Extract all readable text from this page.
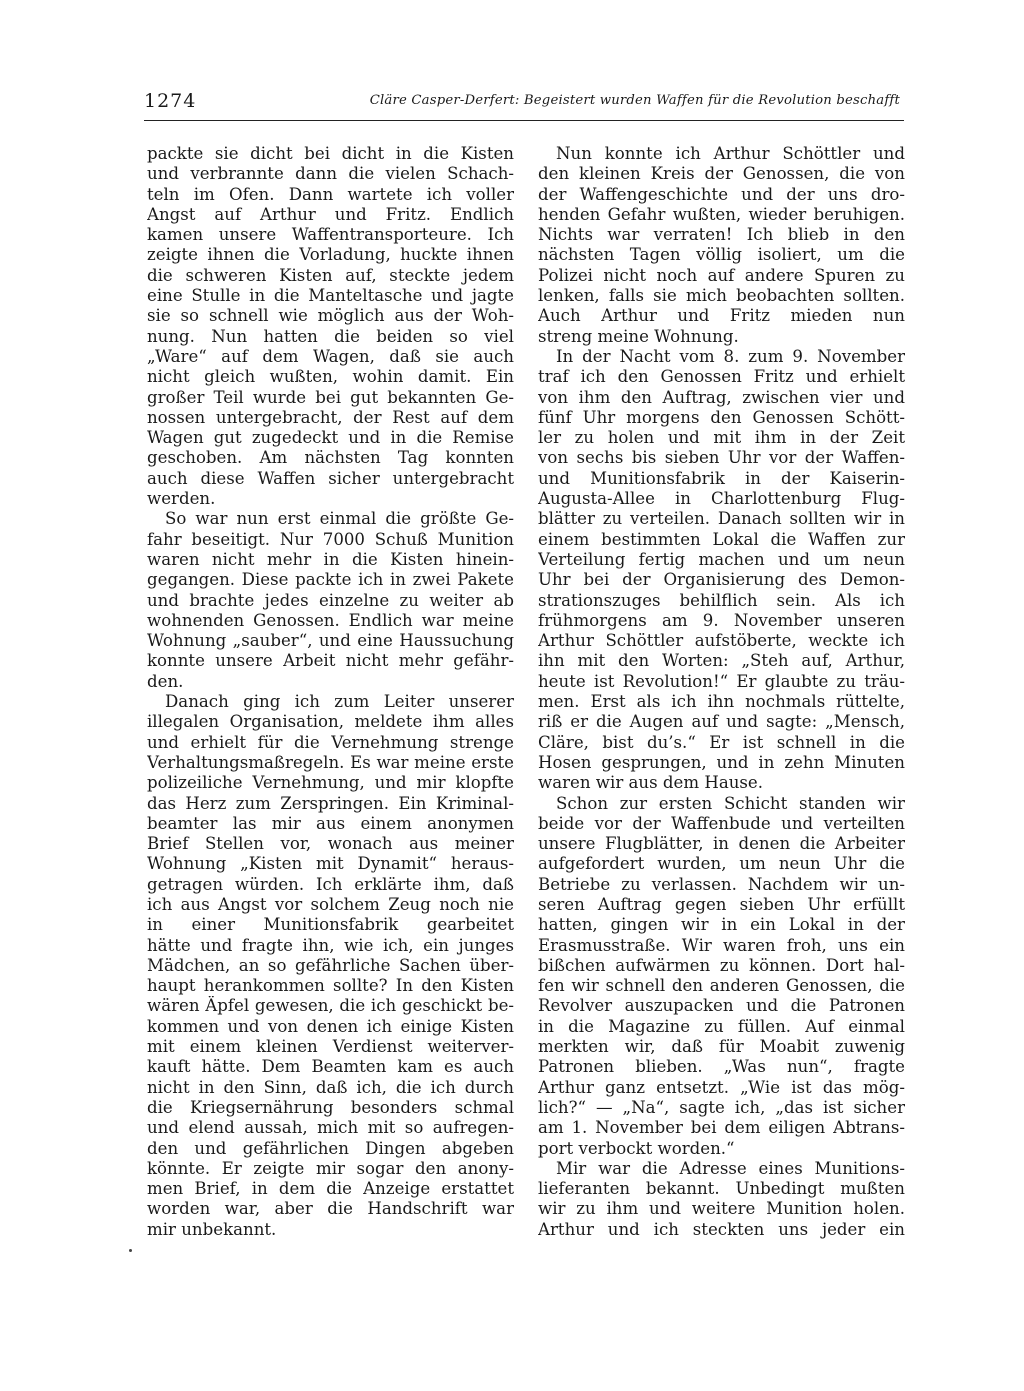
1274	Cläre Casper-Derfert: Begeistert wurden Waffen für die Revolution beschafft
packte sie dicht bei dicht in die Kisten
und verbrannte dann die vielen Schach-
teln im Ofen. Dann wartete ich voller
Angst auf Arthur und Fritz. Endlich
kamen unsere Waffentransporteure. Ich
zeigte ihnen die Vorladung, huckte ihnen
die schweren Kisten auf, steckte jedem
eine Stulle in die Manteltasche und jagte
sie so schnell wie möglich aus der Woh-
nung. Nun hatten die beiden so viel
„Ware“ auf dem Wagen, daß sie auch
nicht gleich wußten, wohin damit. Ein
großer Teil wurde bei gut bekannten Ge-
nossen untergebracht, der Rest auf dem
Wagen gut zugedeckt und in die Remise
geschoben. Am nächsten Tag konnten
auch diese Waffen sicher untergebracht
werden.
So war nun erst einmal die größte Ge-
fahr beseitigt. Nur 7000 Schuß Munition
waren nicht mehr in die Kisten hinein-
gegangen. Diese packte ich in zwei Pakete
und brachte jedes einzelne zu weiter ab
wohnenden Genossen. Endlich war meine
Wohnung „sauber“, und eine Haussuchung
konnte unsere Arbeit nicht mehr gefähr-
den.
Danach ging ich zum Leiter unserer
illegalen Organisation, meldete ihm alles
und erhielt für die Vernehmung strenge
Verhaltungsmaßregeln. Es war meine erste
polizeiliche Vernehmung, und mir klopfte
das Herz zum Zerspringen. Ein Kriminal-
beamter las mir aus einem anonymen
Brief Stellen vor, wonach aus meiner
Wohnung „Kisten mit Dynamit“ heraus-
getragen würden. Ich erklärte ihm, daß
ich aus Angst vor solchem Zeug noch nie
in einer Munitionsfabrik gearbeitet
hätte und fragte ihn, wie ich, ein junges
Mädchen, an so gefährliche Sachen über-
haupt herankommen sollte? In den Kisten
wären Äpfel gewesen, die ich geschickt be-
kommen und von denen ich einige Kisten
mit einem kleinen Verdienst weiterver-
kauft hätte. Dem Beamten kam es auch
nicht in den Sinn, daß ich, die ich durch
die Kriegsernährung besonders schmal
und elend aussah, mich mit so aufregen-
den und gefährlichen Dingen abgeben
könnte. Er zeigte mir sogar den anony-
men Brief, in dem die Anzeige erstattet
worden war, aber die Handschrift war
mir unbekannt.
Nun konnte ich Arthur Schöttler und
den kleinen Kreis der Genossen, die von
der Waffengeschichte und der uns dro-
henden Gefahr wußten, wieder beruhigen.
Nichts war verraten! Ich blieb in den
nächsten Tagen völlig isoliert, um die
Polizei nicht noch auf andere Spuren zu
lenken, falls sie mich beobachten sollten.
Auch Arthur und Fritz mieden nun
streng meine Wohnung.
In der Nacht vom 8. zum 9. November
traf ich den Genossen Fritz und erhielt
von ihm den Auftrag, zwischen vier und
fünf Uhr morgens den Genossen Schött-
ler zu holen und mit ihm in der Zeit
von sechs bis sieben Uhr vor der Waffen-
und Munitionsfabrik in der Kaiserin-
Augusta-Allee in Charlottenburg Flug-
blätter zu verteilen. Danach sollten wir in
einem bestimmten Lokal die Waffen zur
Verteilung fertig machen und um neun
Uhr bei der Organisierung des Demon-
strationszuges behilflich sein. Als ich
frühmorgens am 9. November unseren
Arthur Schöttler aufstöberte, weckte ich
ihn mit den Worten: „Steh auf, Arthur,
heute ist Revolution!“ Er glaubte zu träu-
men. Erst als ich ihn nochmals rüttelte,
riß er die Augen auf und sagte: „Mensch,
Cläre, bist du’s.“ Er ist schnell in die
Hosen gesprungen, und in zehn Minuten
waren wir aus dem Hause.
Schon zur ersten Schicht standen wir
beide vor der Waffenbude und verteilten
unsere Flugblätter, in denen die Arbeiter
aufgefordert wurden, um neun Uhr die
Betriebe zu verlassen. Nachdem wir un-
seren Auftrag gegen sieben Uhr erfüllt
hatten, gingen wir in ein Lokal in der
Erasmusstraße. Wir waren froh, uns ein
bißchen aufwärmen zu können. Dort hal-
fen wir schnell den anderen Genossen, die
Revolver auszupacken und die Patronen
in die Magazine zu füllen. Auf einmal
merkten wir, daß für Moabit zuwenig
Patronen blieben. „Was nun“, fragte
Arthur ganz entsetzt. „Wie ist das mög-
lich?“ — „Na“, sagte ich, „das ist sicher
am 1. November bei dem eiligen Abtrans-
port verbockt worden.“
Mir war die Adresse eines Munitions-
lieferanten bekannt. Unbedingt mußten
wir zu ihm und weitere Munition holen.
Arthur und ich steckten uns jeder ein
